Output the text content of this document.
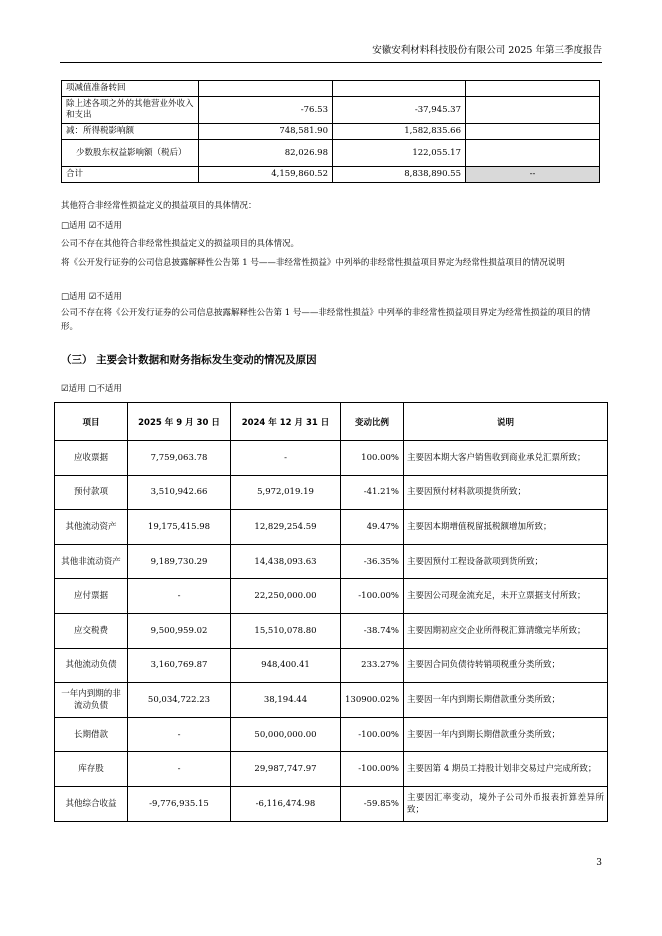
安徽安利材料科技股份有限公司 2025 年第三季度报告
项减值准备转回			
除上述各项之外的其他营业外收入和支出	-76.53	-37,945.37	
减：所得税影响额	748,581.90	1,582,835.66	
少数股东权益影响额（税后）	82,026.98	122,055.17	
合计	4,159,860.52	8,838,890.55	--
其他符合非经常性损益定义的损益项目的具体情况：
□适用 ☑不适用
公司不存在其他符合非经常性损益定义的损益项目的具体情况。
将《公开发行证券的公司信息披露解释性公告第 1 号——非经常性损益》中列举的非经常性损益项目界定为经常性损益项目的情况说明
□适用 ☑不适用
公司不存在将《公开发行证券的公司信息披露解释性公告第 1 号——非经常性损益》中列举的非经常性损益项目界定为经常性损益的项目的情形。
（三） 主要会计数据和财务指标发生变动的情况及原因
☑适用 □不适用
项目	2025 年 9 月 30 日	2024 年 12 月 31 日	变动比例	说明
应收票据	7,759,063.78	-	100.00%	主要因本期大客户销售收到商业承兑汇票所致；
预付款项	3,510,942.66	5,972,019.19	-41.21%	主要因预付材料款项提货所致；
其他流动资产	19,175,415.98	12,829,254.59	49.47%	主要因本期增值税留抵税额增加所致；
其他非流动资产	9,189,730.29	14,438,093.63	-36.35%	主要因预付工程设备款项到货所致；
应付票据	-	22,250,000.00	-100.00%	主要因公司现金流充足，未开立票据支付所致；
应交税费	9,500,959.02	15,510,078.80	-38.74%	主要因期初应交企业所得税汇算清缴完毕所致；
其他流动负债	3,160,769.87	948,400.41	233.27%	主要因合同负债待转销项税重分类所致；
一年内到期的非流动负债	50,034,722.23	38,194.44	130900.02%	主要因一年内到期长期借款重分类所致；
长期借款	-	50,000,000.00	-100.00%	主要因一年内到期长期借款重分类所致；
库存股	-	29,987,747.97	-100.00%	主要因第 4 期员工持股计划非交易过户完成所致；
其他综合收益	-9,776,935.15	-6,116,474.98	-59.85%	主要因汇率变动，境外子公司外币报表折算差异所致；
3
